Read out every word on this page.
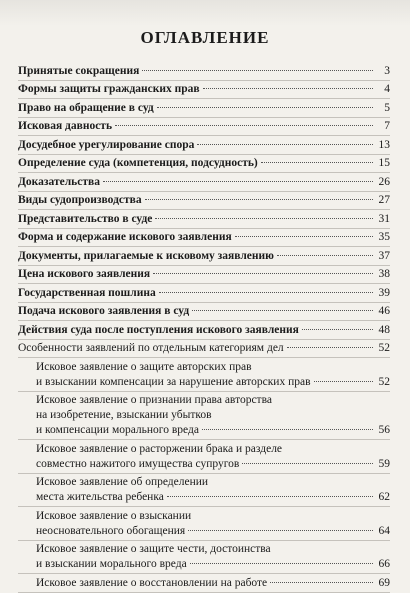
ОГЛАВЛЕНИЕ
Принятые сокращения	3
Формы защиты гражданских прав	4
Право на обращение в суд	5
Исковая давность	7
Досудебное урегулирование спора	13
Определение суда (компетенция, подсудность)	15
Доказательства	26
Виды судопроизводства	27
Представительство в суде	31
Форма и содержание искового заявления	35
Документы, прилагаемые к исковому заявлению	37
Цена искового заявления	38
Государственная пошлина	39
Подача искового заявления в суд	46
Действия суда после поступления искового заявления	48
Особенности заявлений по отдельным категориям дел	52
Исковое заявление о защите авторских прав
и взыскании компенсации за нарушение авторских прав	52
Исковое заявление о признании права авторства
на изобретение, взыскании убытков
и компенсации морального вреда	56
Исковое заявление о расторжении брака и разделе
совместно нажитого имущества супругов	59
Исковое заявление об определении
места жительства ребенка	62
Исковое заявление о взыскании
неосновательного обогащения	64
Исковое заявление о защите чести, достоинства
и взыскании морального вреда	66
Исковое заявление о восстановлении на работе	69
